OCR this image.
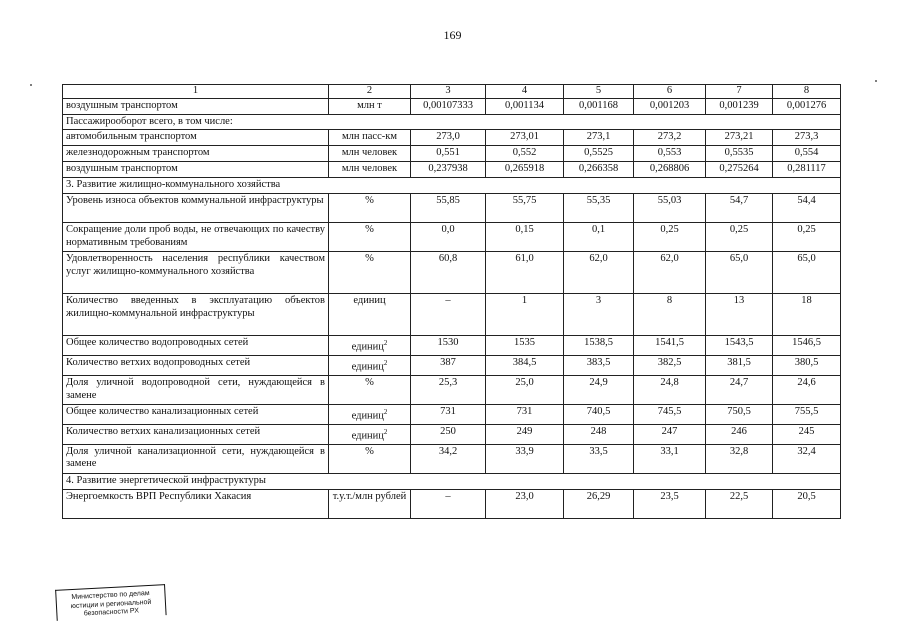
169
1	2	3	4	5	6	7	8
воздушным транспортом	млн т	0,00107333	0,001134	0,001168	0,001203	0,001239	0,001276
Пассажирооборот всего, в том числе:							
автомобильным транспортом	млн пасс-км	273,0	273,01	273,1	273,2	273,21	273,3
железнодорожным транспортом	млн человек	0,551	0,552	0,5525	0,553	0,5535	0,554
воздушным транспортом	млн человек	0,237938	0,265918	0,266358	0,268806	0,275264	0,281117
3. Развитие жилищно-коммунального хозяйства							
Уровень износа объектов коммунальной инфраструктуры	%	55,85	55,75	55,35	55,03	54,7	54,4
Сокращение доли проб воды, не отвечающих по качеству нормативным требованиям	%	0,0	0,15	0,1	0,25	0,25	0,25
Удовлетворенность населения республики качеством услуг жилищно-коммунального хозяйства	%	60,8	61,0	62,0	62,0	65,0	65,0
Количество введенных в эксплуатацию объектов жилищно-коммунальной инфраструктуры	единиц	–	1	3	8	13	18
Общее количество водопроводных сетей	единиц$^2$	1530	1535	1538,5	1541,5	1543,5	1546,5
Количество ветхих водопроводных сетей	единиц$^2$	387	384,5	383,5	382,5	381,5	380,5
Доля уличной водопроводной сети, нуждающейся в замене	%	25,3	25,0	24,9	24,8	24,7	24,6
Общее количество канализационных сетей	единиц$^2$	731	731	740,5	745,5	750,5	755,5
Количество ветхих канализационных сетей	единиц$^2$	250	249	248	247	246	245
Доля уличной канализационной сети, нуждающейся в замене	%	34,2	33,9	33,5	33,1	32,8	32,4
4. Развитие энергетической инфраструктуры							
Энергоемкость ВРП Республики Хакасия	т.у.т./млн рублей	–	23,0	26,29	23,5	22,5	20,5
Министерство по делам
юстиции и региональной
безопасности РХ
